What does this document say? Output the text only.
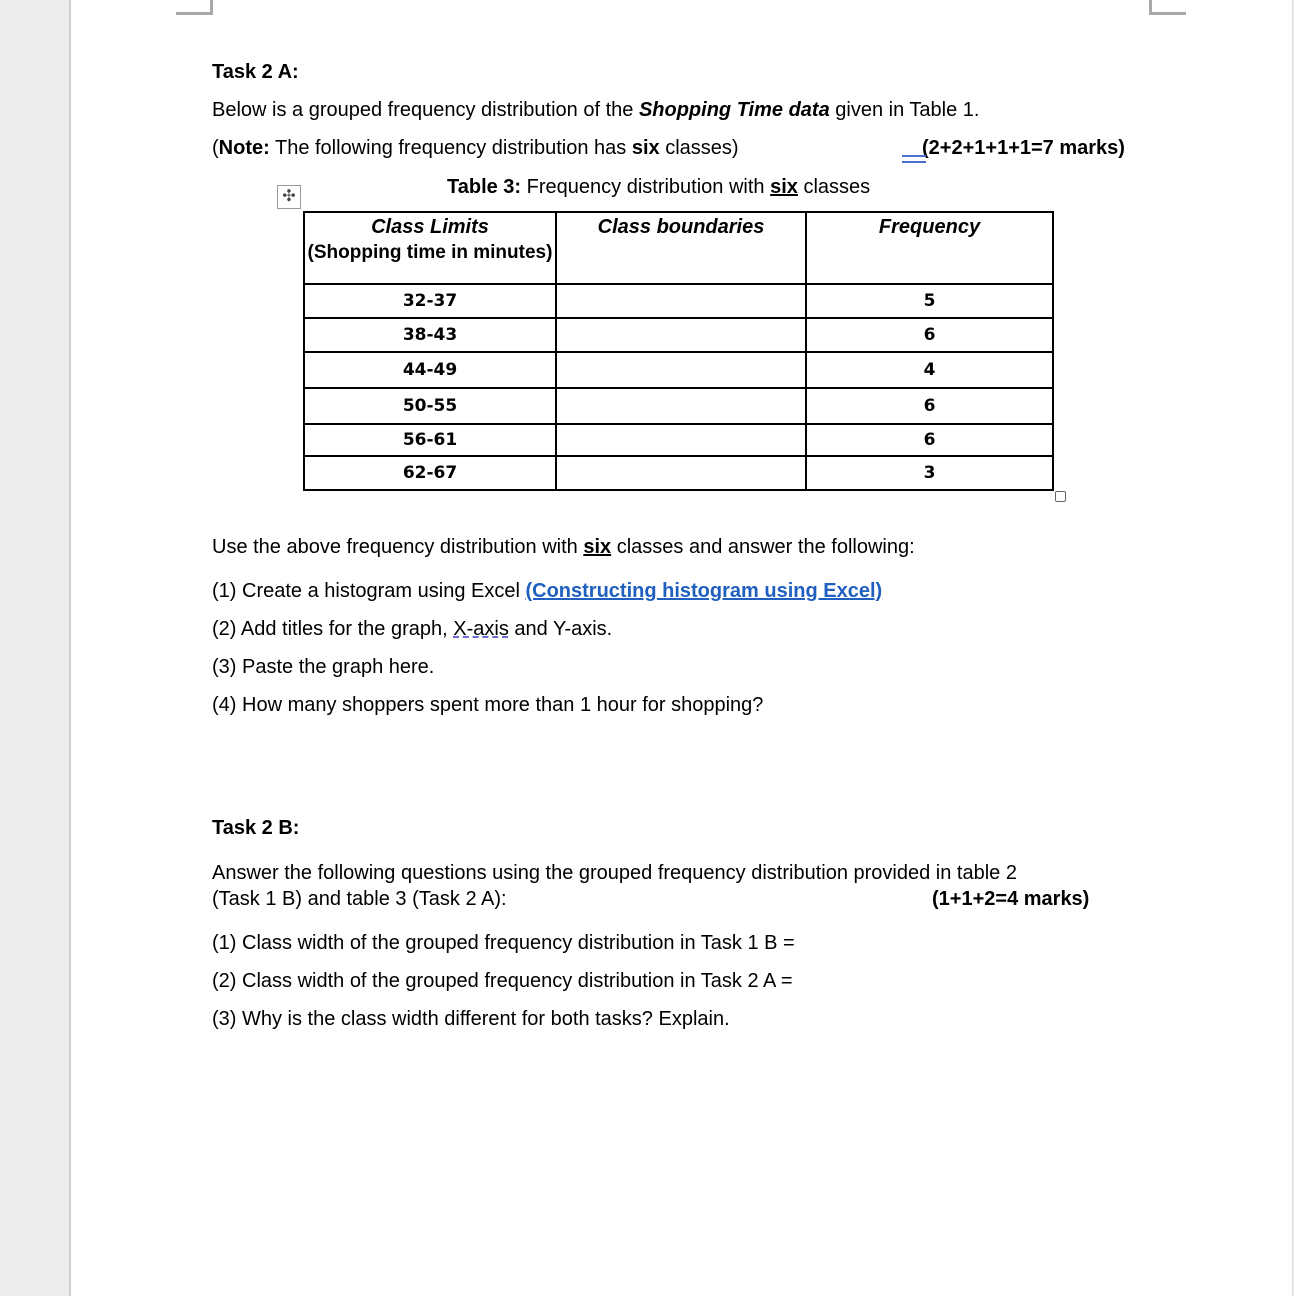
Task 2 A:
Below is a grouped frequency distribution of the Shopping Time data given in Table 1.
(Note: The following frequency distribution has six classes)	(2+2+1+1+1=7 marks)
Table 3: Frequency distribution with six classes
✣
Class Limits
(Shopping time in minutes)	Class boundaries	Frequency

32-37		5
38-43		6
44-49		4
50-55		6
56-61		6
62-67		3
Use the above frequency distribution with six classes and answer the following:
(1) Create a histogram using Excel (Constructing histogram using Excel)
(2) Add titles for the graph, X-axis and Y-axis.
(3) Paste the graph here.
(4) How many shoppers spent more than 1 hour for shopping?
Task 2 B:
Answer the following questions using the grouped frequency distribution provided in table 2
(Task 1 B) and table 3 (Task 2 A):	(1+1+2=4 marks)
(1) Class width of the grouped frequency distribution in Task 1 B =
(2) Class width of the grouped frequency distribution in Task 2 A =
(3) Why is the class width different for both tasks? Explain.
